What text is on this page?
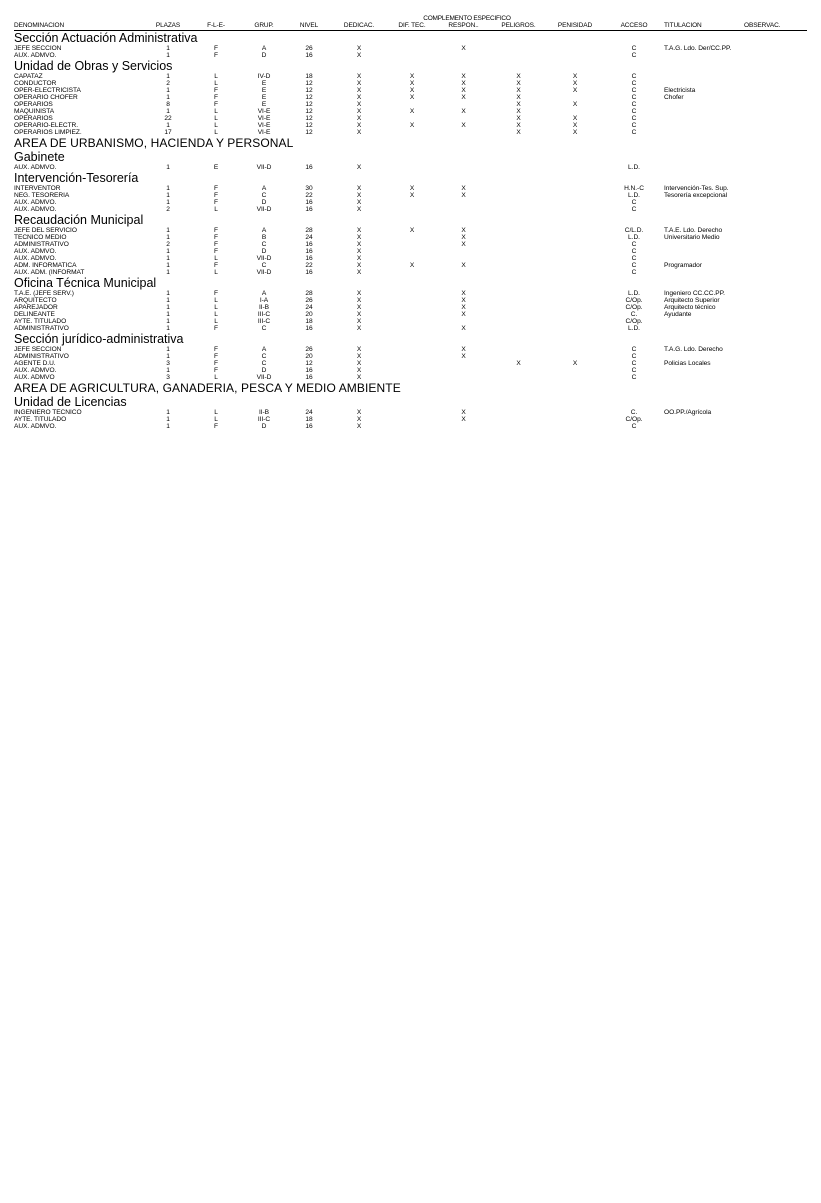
					COMPLEMENTO ESPECIFICO							
DENOMINACION	PLAZAS	F-L-E-	GRUP.	NIVEL	DEDICAC.	DIF. TEC.	RESPON..	PELIGROS.	PENISIDAD	ACCESO	TITULACION	OBSERVAC.

Sección Actuación Administrativa												
JEFE SECCION	1	F	A	26	X		X			C	T.A.G. Ldo. Der/CC.PP.	
AUX. ADMVO.	1	F	D	16	X					C		
Unidad de Obras y Servicios												
CAPATAZ	1	L	IV-D	18	X	X	X	X	X	C		
CONDUCTOR	2	L	E	12	X	X	X	X	X	C		
OPER-ELECTRICISTA	1	F	E	12	X	X	X	X	X	C	Electricista	
OPERARIO CHOFER	1	F	E	12	X	X	X	X		C	Chofer	
OPERARIOS	8	F	E	12	X			X	X	C		
MAQUINISTA	1	L	VI-E	12	X	X	X	X		C		
OPERARIOS	22	L	VI-E	12	X			X	X	C		
OPERARIO-ELECTR.	1	L	VI-E	12	X	X	X	X	X	C		
OPERARIOS LIMPIEZ.	17	L	VI-E	12	X			X	X	C		
AREA DE URBANISMO, HACIENDA Y PERSONAL												
Gabinete												
AUX. ADMVO.	1	E	VII-D	16	X					L.D.		
Intervención-Tesorería												
INTERVENTOR	1	F	A	30	X	X	X			H.N.-C	Intervención-Tes. Sup.	
NEG. TESORERIA	1	F	C	22	X	X	X			L.D.	Tesorería excepcional	
AUX. ADMVO.	1	F	D	16	X					C		
AUX. ADMVO.	2	L	VII-D	16	X					C		
Recaudación Municipal												
JEFE DEL SERVICIO	1	F	A	28	X	X	X			C/L.D.	T.A.E. Ldo. Derecho	
TECNICO MEDIO	1	F	B	24	X		X			L.D.	Universitario Medio	
ADMINISTRATIVO	2	F	C	16	X		X			C		
AUX. ADMVO.	1	F	D	16	X					C		
AUX. ADMVO.	1	L	VII-D	16	X					C		
ADM. INFORMATICA	1	F	C	22	X	X	X			C	Programador	
AUX. ADM. (INFORMAT	1	L	VII-D	16	X					C		
Oficina Técnica Municipal												
T.A.E. (JEFE SERV.)	1	F	A	28	X		X			L.D.	Ingeniero CC.CC.PP.	
ARQUITECTO	1	L	I-A	26	X		X			C/Op.	Arquitecto Superior	
APAREJADOR	1	L	II-B	24	X		X			C/Op.	Arquitecto técnico	
DELINEANTE	1	L	III-C	20	X		X			C.	Ayudante	
AYTE. TITULADO	1	L	III-C	18	X					C/Op.		
ADMINISTRATIVO	1	F	C	16	X		X			L.D.		
Sección jurídico-administrativa												
JEFE SECCION	1	F	A	26	X		X			C	T.A.G. Ldo. Derecho	
ADMINISTRATIVO	1	F	C	20	X		X			C		
AGENTE D.U.	3	F	C	12	X			X	X	C	Policias Locales	
AUX. ADMVO.	1	F	D	16	X					C		
AUX. ADMVO	3	L	VII-D	16	X					C		
AREA DE AGRICULTURA, GANADERIA, PESCA Y MEDIO AMBIENTE												
Unidad de Licencias												
INGENIERO TECNICO	1	L	II-B	24	X		X			C.	OO.PP./Agrícola	
AYTE. TITULADO	1	L	III-C	18	X		X			C/Op.		
AUX. ADMVO.	1	F	D	16	X					C		
